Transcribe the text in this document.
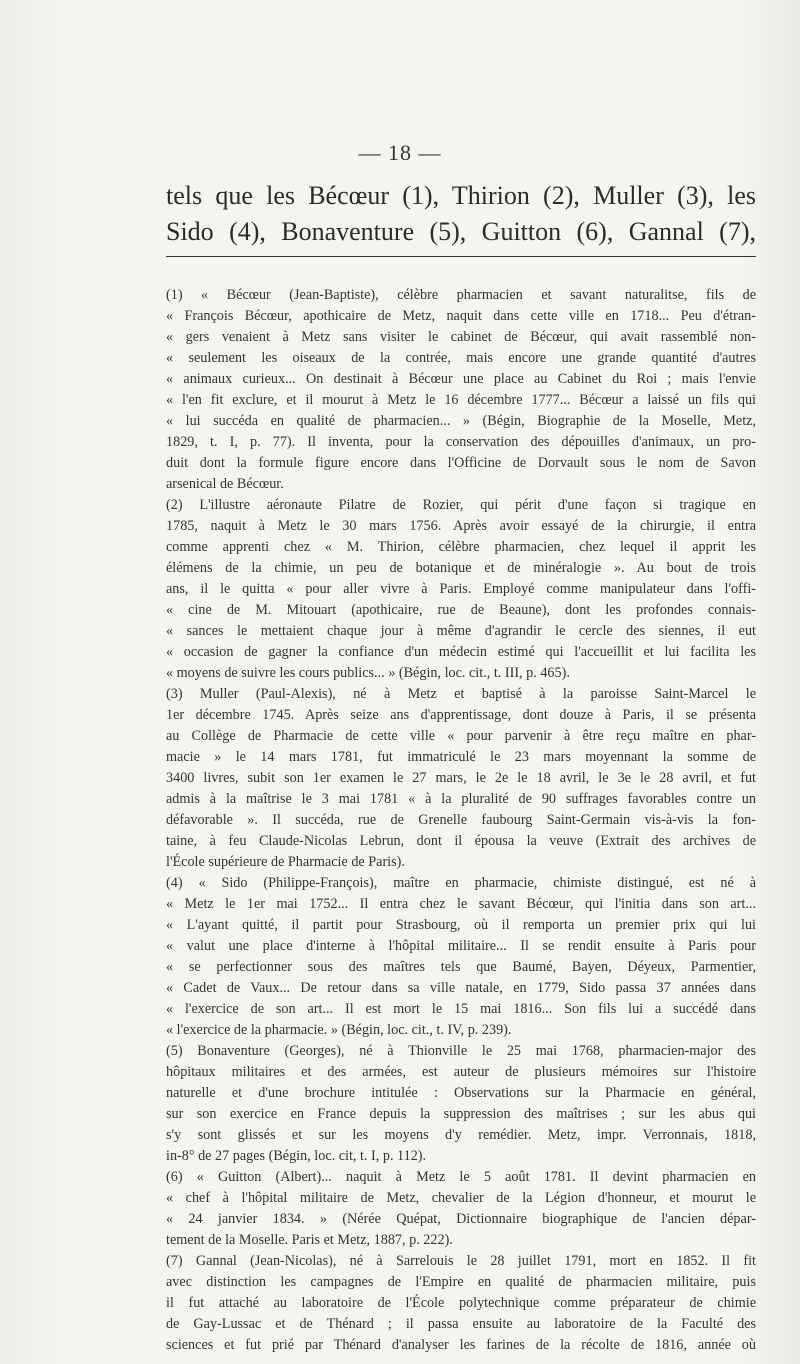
— 18 —
tels que les Bécœur (1), Thirion (2), Muller (3), les
Sido (4), Bonaventure (5), Guitton (6), Gannal (7),
(1) « Bécœur (Jean-Baptiste), célèbre pharmacien et savant naturalitse, fils de
« François Bécœur, apothicaire de Metz, naquit dans cette ville en 1718... Peu d'étran-
« gers venaient à Metz sans visiter le cabinet de Bécœur, qui avait rassemblé non-
« seulement les oiseaux de la contrée, mais encore une grande quantité d'autres
« animaux curieux... On destinait à Bécœur une place au Cabinet du Roi ; mais l'envie
« l'en fit exclure, et il mourut à Metz le 16 décembre 1777... Bécœur a laissé un fils qui
« lui succéda en qualité de pharmacien... » (Bégin, Biographie de la Moselle, Metz,
1829, t. I, p. 77). Il inventa, pour la conservation des dépouilles d'animaux, un pro-
duit dont la formule figure encore dans l'Officine de Dorvault sous le nom de Savon
arsenical de Bécœur.
(2) L'illustre aéronaute Pilatre de Rozier, qui périt d'une façon si tragique en
1785, naquit à Metz le 30 mars 1756. Après avoir essayé de la chirurgie, il entra
comme apprenti chez « M. Thirion, célèbre pharmacien, chez lequel il apprit les
élémens de la chimie, un peu de botanique et de minéralogie ». Au bout de trois
ans, il le quitta « pour aller vivre à Paris. Employé comme manipulateur dans l'offi-
« cine de M. Mitouart (apothicaire, rue de Beaune), dont les profondes connais-
« sances le mettaient chaque jour à même d'agrandir le cercle des siennes, il eut
« occasion de gagner la confiance d'un médecin estimé qui l'accueillit et lui facilita les
« moyens de suivre les cours publics... » (Bégin, loc. cit., t. III, p. 465).
(3) Muller (Paul-Alexis), né à Metz et baptisé à la paroisse Saint-Marcel le
1er décembre 1745. Après seize ans d'apprentissage, dont douze à Paris, il se présenta
au Collège de Pharmacie de cette ville « pour parvenir à être reçu maître en phar-
macie » le 14 mars 1781, fut immatriculé le 23 mars moyennant la somme de
3400 livres, subit son 1er examen le 27 mars, le 2e le 18 avril, le 3e le 28 avril, et fut
admis à la maîtrise le 3 mai 1781 « à la pluralité de 90 suffrages favorables contre un
défavorable ». Il succéda, rue de Grenelle faubourg Saint-Germain vis-à-vis la fon-
taine, à feu Claude-Nicolas Lebrun, dont il épousa la veuve (Extrait des archives de
l'École supérieure de Pharmacie de Paris).
(4) « Sido (Philippe-François), maître en pharmacie, chimiste distingué, est né à
« Metz le 1er mai 1752... Il entra chez le savant Bécœur, qui l'initia dans son art...
« L'ayant quitté, il partit pour Strasbourg, où il remporta un premier prix qui lui
« valut une place d'interne à l'hôpital militaire... Il se rendit ensuite à Paris pour
« se perfectionner sous des maîtres tels que Baumé, Bayen, Déyeux, Parmentier,
« Cadet de Vaux... De retour dans sa ville natale, en 1779, Sido passa 37 années dans
« l'exercice de son art... Il est mort le 15 mai 1816... Son fils lui a succédé dans
« l'exercice de la pharmacie. » (Bégin, loc. cit., t. IV, p. 239).
(5) Bonaventure (Georges), né à Thionville le 25 mai 1768, pharmacien-major des
hôpitaux militaires et des armées, est auteur de plusieurs mémoires sur l'histoire
naturelle et d'une brochure intitulée : Observations sur la Pharmacie en général,
sur son exercice en France depuis la suppression des maîtrises ; sur les abus qui
s'y sont glissés et sur les moyens d'y remédier. Metz, impr. Verronnais, 1818,
in-8° de 27 pages (Bégin, loc. cit, t. I, p. 112).
(6) « Guitton (Albert)... naquit à Metz le 5 août 1781. Il devint pharmacien en
« chef à l'hôpital militaire de Metz, chevalier de la Légion d'honneur, et mourut le
« 24 janvier 1834. » (Nérée Quépat, Dictionnaire biographique de l'ancien dépar-
tement de la Moselle. Paris et Metz, 1887, p. 222).
(7) Gannal (Jean-Nicolas), né à Sarrelouis le 28 juillet 1791, mort en 1852. Il fit
avec distinction les campagnes de l'Empire en qualité de pharmacien militaire, puis
il fut attaché au laboratoire de l'École polytechnique comme préparateur de chimie
de Gay-Lussac et de Thénard ; il passa ensuite au laboratoire de la Faculté des
sciences et fut prié par Thénard d'analyser les farines de la récolte de 1816, année où
